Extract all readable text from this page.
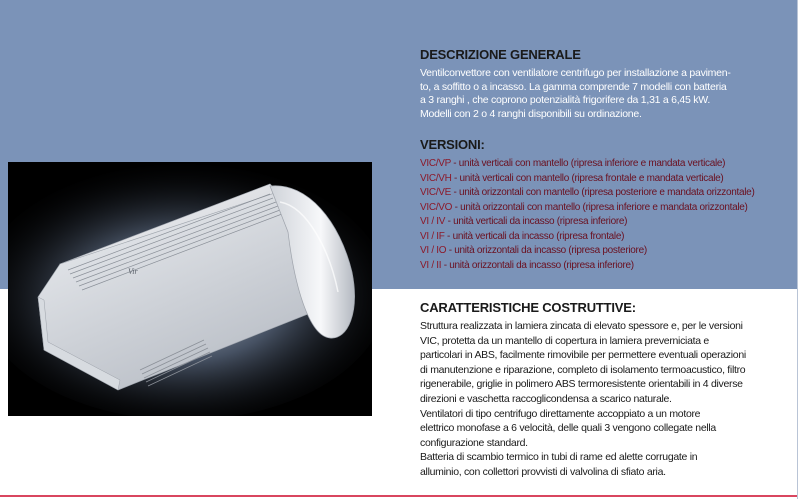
Vir
DESCRIZIONE GENERALE
Ventilconvettore con ventilatore centrifugo per installazione a pavimen-
to, a soffitto o a incasso. La gamma comprende 7 modelli con batteria
a 3 ranghi , che coprono potenzialità frigorifere da 1,31 a 6,45 kW.
Modelli con 2 o 4 ranghi disponibili su ordinazione.
VERSIONI:
VIC/VP - unità verticali con mantello (ripresa inferiore e mandata verticale)
VIC/VH - unità verticali con mantello (ripresa frontale e mandata verticale)
VIC/VE - unità orizzontali con mantello (ripresa posteriore e mandata orizzontale)
VIC/VO - unità orizzontali con mantello (ripresa inferiore e mandata orizzontale)
VI / IV - unità verticali da incasso (ripresa inferiore)
VI / IF - unità verticali da incasso (ripresa frontale)
VI / IO - unità orizzontali da incasso (ripresa posteriore)
VI / II - unità orizzontali da incasso (ripresa inferiore)
CARATTERISTICHE COSTRUTTIVE:
Struttura realizzata in lamiera zincata di elevato spessore e, per le versioni
VIC, protetta da un mantello di copertura in lamiera preverniciata e
particolari in ABS, facilmente rimovibile per permettere eventuali operazioni
di manutenzione e riparazione, completo di isolamento termoacustico, filtro
rigenerabile, griglie in polimero ABS termoresistente orientabili in 4 diverse
direzioni e vaschetta raccoglicondensa a scarico naturale.
Ventilatori di tipo centrifugo direttamente accoppiato a un motore
elettrico monofase a 6 velocità, delle quali 3 vengono collegate nella
configurazione standard.
Batteria di scambio termico in tubi di rame ed alette corrugate in
alluminio, con collettori provvisti di valvolina di sfiato aria.
